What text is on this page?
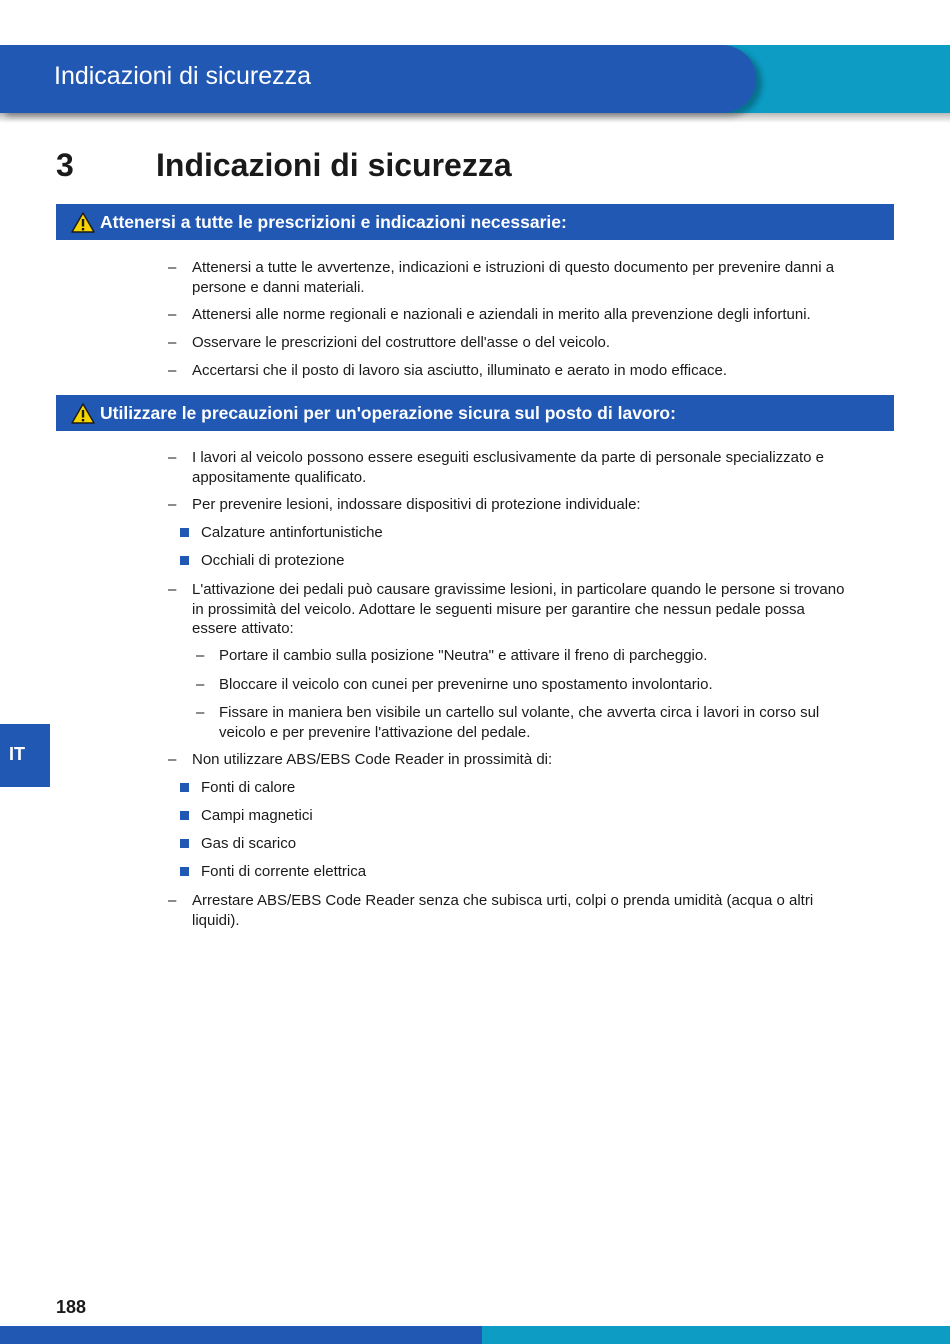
Indicazioni di sicurezza
3	Indicazioni di sicurezza
Attenersi a tutte le prescrizioni e indicazioni necessarie:
– Attenersi a tutte le avvertenze, indicazioni e istruzioni di questo documento per prevenire danni a
persone e danni materiali.
– Attenersi alle norme regionali e nazionali e aziendali in merito alla prevenzione degli infortuni.
– Osservare le prescrizioni del costruttore dell'asse o del veicolo.
– Accertarsi che il posto di lavoro sia asciutto, illuminato e aerato in modo efficace.
Utilizzare le precauzioni per un'operazione sicura sul posto di lavoro:
– I lavori al veicolo possono essere eseguiti esclusivamente da parte di personale specializzato e
appositamente qualificato.
– Per prevenire lesioni, indossare dispositivi di protezione individuale:
Calzature antinfortunistiche
Occhiali di protezione
– L'attivazione dei pedali può causare gravissime lesioni, in particolare quando le persone si trovano
in prossimità del veicolo. Adottare le seguenti misure per garantire che nessun pedale possa
essere attivato:
– Portare il cambio sulla posizione "Neutra" e attivare il freno di parcheggio.
– Bloccare il veicolo con cunei per prevenirne uno spostamento involontario.
– Fissare in maniera ben visibile un cartello sul volante, che avverta circa i lavori in corso sul
veicolo e per prevenire l'attivazione del pedale.
– Non utilizzare ABS/EBS Code Reader in prossimità di:
Fonti di calore
Campi magnetici
Gas di scarico
Fonti di corrente elettrica
– Arrestare ABS/EBS Code Reader senza che subisca urti, colpi o prenda umidità (acqua o altri
liquidi).
IT
188
